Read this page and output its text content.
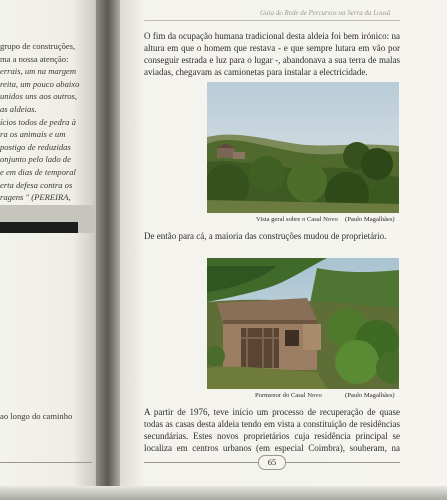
grupo de construções,
ma a nossa atenção:
errais, um na margem
reita, um pouco abaixo
unidos uns aos outros,
as aldeias.
ícios todos de pedra à
ra os animais e um
postigo de reduzidas
onjunto pelo lado de
e em dias de temporal
erta defesa contra os
ragens " (PEREIRA,
ao longo do caminho
Guia do Rede de Percursos na Serra da Lousã
O fim da ocupação humana tradicional desta aldeia foi bem irónico: na
altura em que o homem que restava - e que sempre lutara em vão por
conseguir estrada e luz para o lugar -, abandonava a sua terra de malas
aviadas, chegavam as camionetas para instalar a electricidade.
Vista geral sobre o Casal Novo (Paulo Magalhães)
De então para cá, a maioria das construções mudou de proprietário.
Pormenor do Casal Novo	(Paulo Magalhães)
A partir de 1976, teve início um processo de recuperação de quase
todas as casas desta aldeia tendo em vista a constituição de residências
secundárias. Estes novos proprietários cuja residência principal se
localiza em centros urbanos (em especial Coimbra), souberam, na
65
